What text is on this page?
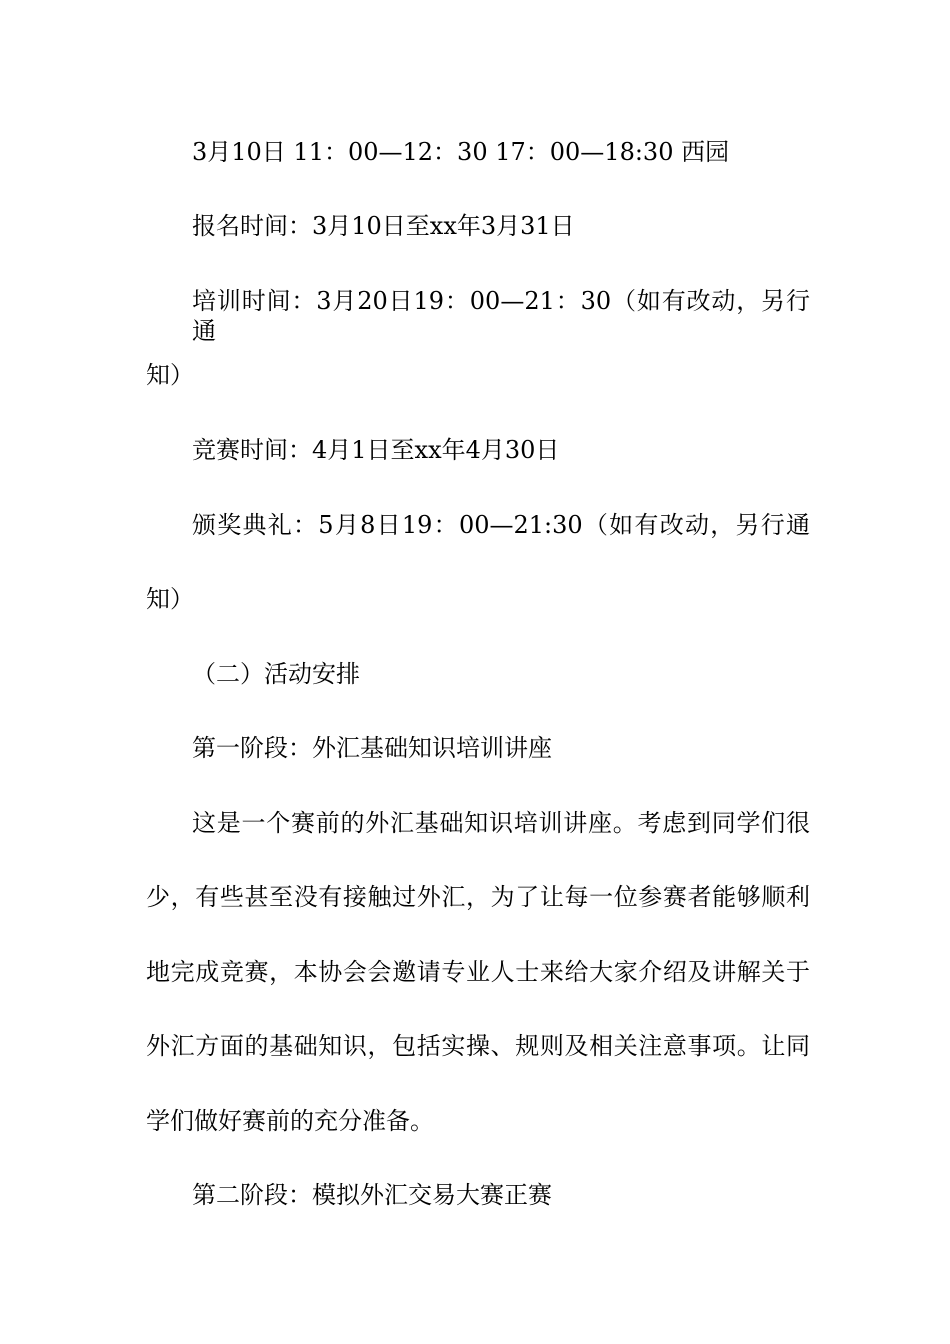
3月10日 11：00—12：30 17：00—18:30 西园
报名时间：3月10日至xx年3月31日
培训时间：3月20日19：00—21：30（如有改动，另行通
知）
竞赛时间：4月1日至xx年4月30日
颁奖典礼：5月8日19：00—21:30（如有改动，另行通
知）
（二）活动安排
第一阶段：外汇基础知识培训讲座
这是一个赛前的外汇基础知识培训讲座。考虑到同学们很
少，有些甚至没有接触过外汇，为了让每一位参赛者能够顺利
地完成竞赛，本协会会邀请专业人士来给大家介绍及讲解关于
外汇方面的基础知识，包括实操、规则及相关注意事项。让同
学们做好赛前的充分准备。
第二阶段：模拟外汇交易大赛正赛
